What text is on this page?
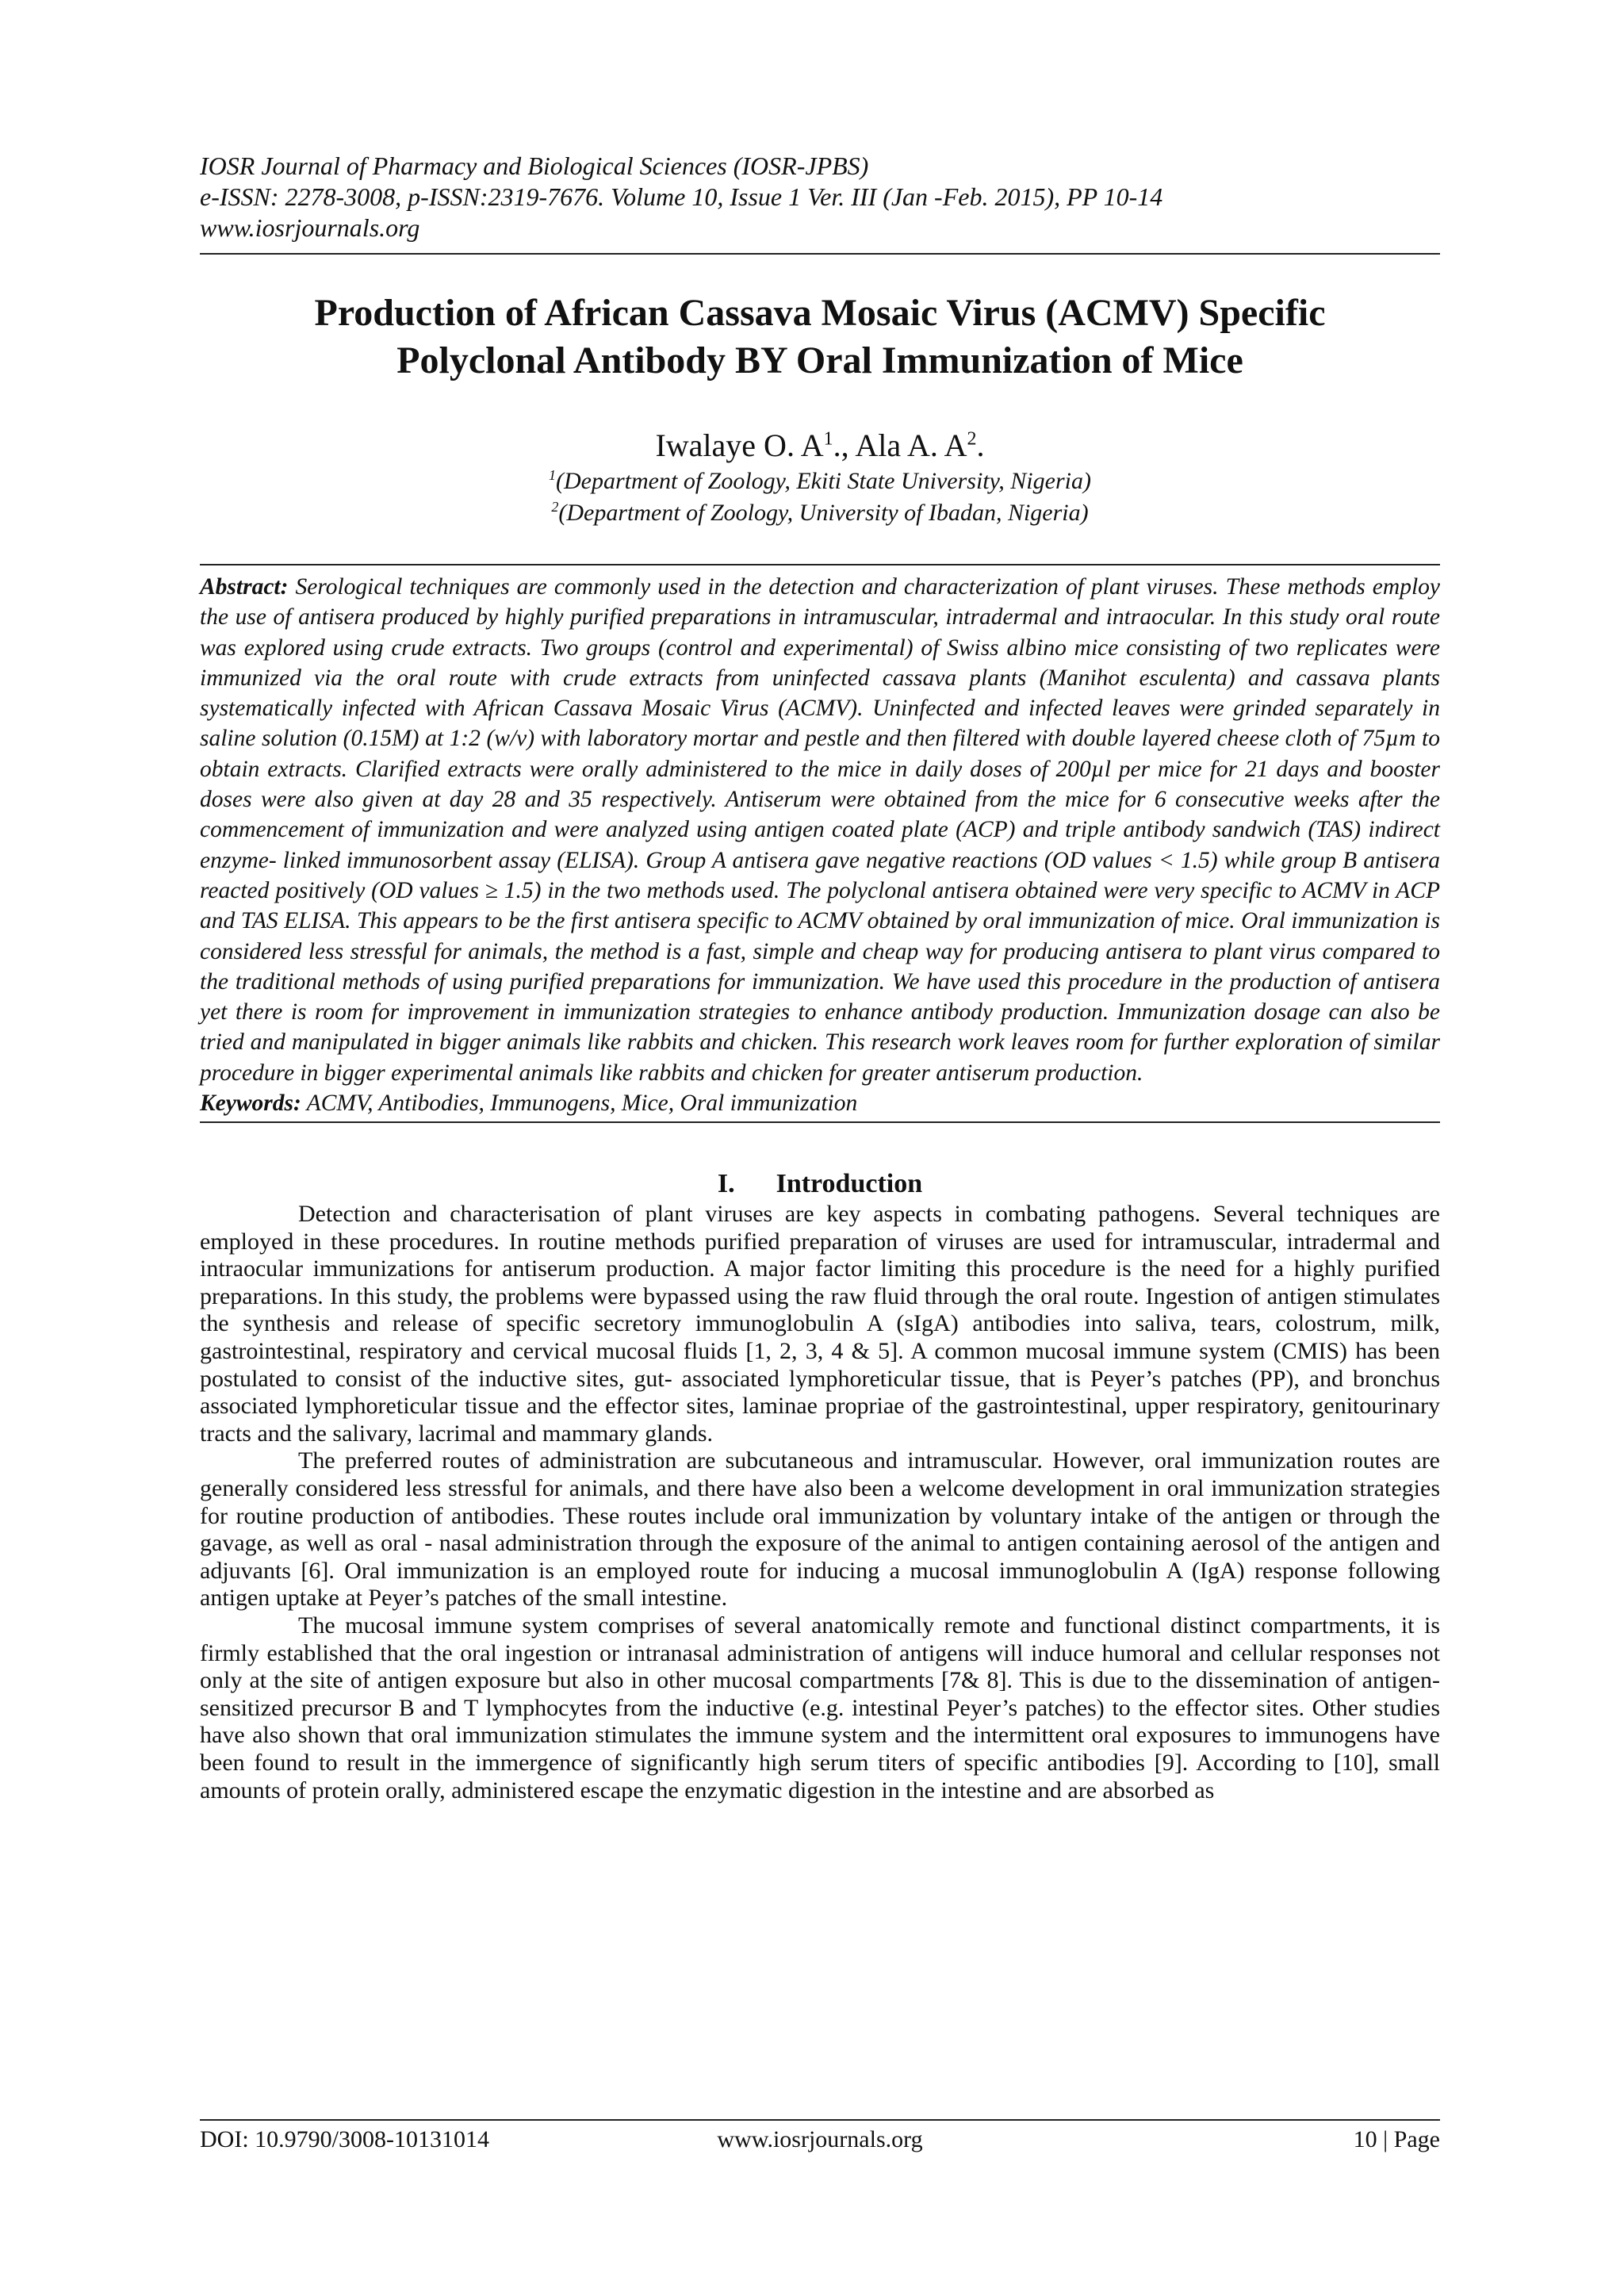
IOSR Journal of Pharmacy and Biological Sciences (IOSR-JPBS)

e-ISSN: 2278-3008, p-ISSN:2319-7676. Volume 10, Issue 1 Ver. III (Jan -Feb. 2015), PP 10-14

www.iosrjournals.org

Production of African Cassava Mosaic Virus (ACMV) Specific
Polyclonal Antibody BY Oral Immunization of Mice

Iwalaye O. $A^1$., Ala A. $A^2$.

$^1$(Department of Zoology, Ekiti State University, Nigeria)

$^2$(Department of Zoology, University of Ibadan, Nigeria)

Abstract: Serological techniques are commonly used in the detection and characterization of plant viruses. These methods employ the use of antisera produced by highly purified preparations in intramuscular, intradermal and intraocular. In this study oral route was explored using crude extracts. Two groups (control and experimental) of Swiss albino mice consisting of two replicates were immunized via the oral route with crude extracts from uninfected cassava plants (Manihot esculenta) and cassava plants systematically infected with African Cassava Mosaic Virus (ACMV). Uninfected and infected leaves were grinded separately in saline solution (0.15M) at 1:2 (w/v) with laboratory mortar and pestle and then filtered with double layered cheese cloth of 75µm to obtain extracts. Clarified extracts were orally administered to the mice in daily doses of 200µl per mice for 21 days and booster doses were also given at day 28 and 35 respectively. Antiserum were obtained from the mice for 6 consecutive weeks after the commencement of immunization and were analyzed using antigen coated plate (ACP) and triple antibody sandwich (TAS) indirect enzyme- linked immunosorbent assay (ELISA). Group A antisera gave negative reactions (OD values < 1.5) while group B antisera reacted positively (OD values ≥ 1.5) in the two methods used. The polyclonal antisera obtained were very specific to ACMV in ACP and TAS ELISA. This appears to be the first antisera specific to ACMV obtained by oral immunization of mice. Oral immunization is considered less stressful for animals, the method is a fast, simple and cheap way for producing antisera to plant virus compared to the traditional methods of using purified preparations for immunization. We have used this procedure in the production of antisera yet there is room for improvement in immunization strategies to enhance antibody production. Immunization dosage can also be tried and manipulated in bigger animals like rabbits and chicken. This research work leaves room for further exploration of similar procedure in bigger experimental animals like rabbits and chicken for greater antiserum production.

Keywords: ACMV, Antibodies, Immunogens, Mice, Oral immunization

I. Introduction

Detection and characterisation of plant viruses are key aspects in combating pathogens. Several techniques are employed in these procedures. In routine methods purified preparation of viruses are used for intramuscular, intradermal and intraocular immunizations for antiserum production. A major factor limiting this procedure is the need for a highly purified preparations. In this study, the problems were bypassed using the raw fluid through the oral route. Ingestion of antigen stimulates the synthesis and release of specific secretory immunoglobulin A (sIgA) antibodies into saliva, tears, colostrum, milk, gastrointestinal, respiratory and cervical mucosal fluids [1, 2, 3, 4 & 5]. A common mucosal immune system (CMIS) has been postulated to consist of the inductive sites, gut- associated lymphoreticular tissue, that is Peyer’s patches (PP), and bronchus associated lymphoreticular tissue and the effector sites, laminae propriae of the gastrointestinal, upper respiratory, genitourinary tracts and the salivary, lacrimal and mammary glands.

The preferred routes of administration are subcutaneous and intramuscular. However, oral immunization routes are generally considered less stressful for animals, and there have also been a welcome development in oral immunization strategies for routine production of antibodies. These routes include oral immunization by voluntary intake of the antigen or through the gavage, as well as oral - nasal administration through the exposure of the animal to antigen containing aerosol of the antigen and adjuvants [6]. Oral immunization is an employed route for inducing a mucosal immunoglobulin A (IgA) response following antigen uptake at Peyer’s patches of the small intestine.

The mucosal immune system comprises of several anatomically remote and functional distinct compartments, it is firmly established that the oral ingestion or intranasal administration of antigens will induce humoral and cellular responses not only at the site of antigen exposure but also in other mucosal compartments [7& 8]. This is due to the dissemination of antigen- sensitized precursor B and T lymphocytes from the inductive (e.g. intestinal Peyer’s patches) to the effector sites. Other studies have also shown that oral immunization stimulates the immune system and the intermittent oral exposures to immunogens have been found to result in the immergence of significantly high serum titers of specific antibodies [9]. According to [10], small amounts of protein orally, administered escape the enzymatic digestion in the intestine and are absorbed as

DOI: 10.9790/3008-10131014	www.iosrjournals.org	10 | Page
